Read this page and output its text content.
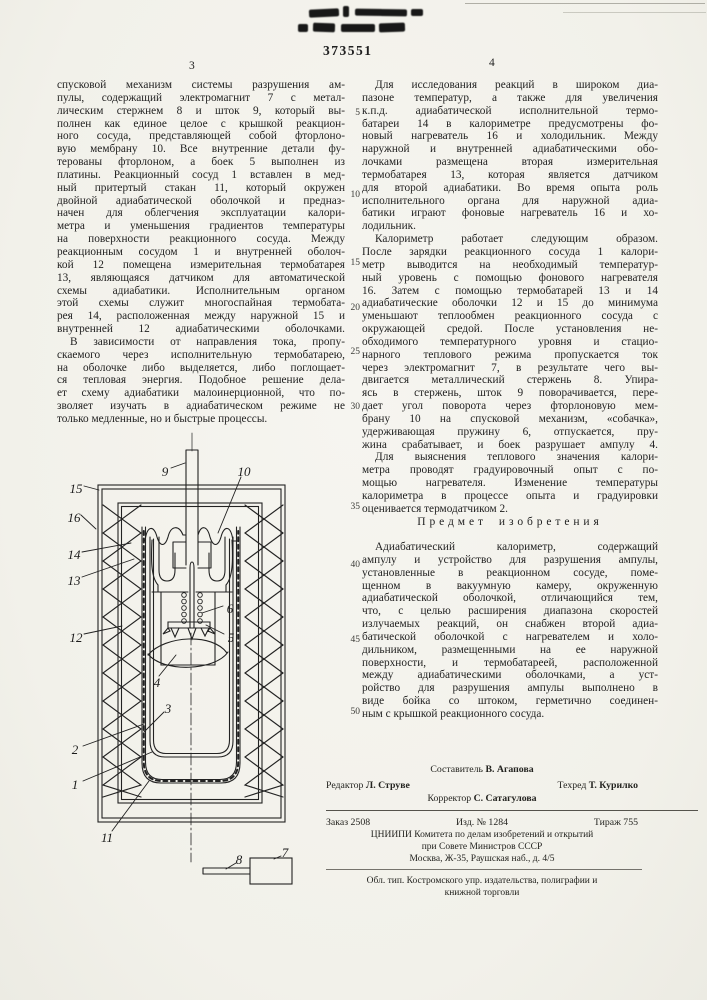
373551
3	4
спусковой механизм системы разрушения ам-
пулы, содержащий электромагнит 7 с метал-
лическим стержнем 8 и шток 9, который вы-
полнен как единое целое с крышкой реакцион-
ного сосуда, представляющей собой фторлоно-
вую мембрану 10. Все внутренние детали фу-
терованы фторлоном, а боек 5 выполнен из
платины. Реакционный сосуд 1 вставлен в мед-
ный притертый стакан 11, который окружен
двойной адиабатической оболочкой и предназ-
начен для облегчения эксплуатации калори-
метра и уменьшения градиентов температуры
на поверхности реакционного сосуда. Между
реакционным сосудом 1 и внутренней оболоч-
кой 12 помещена измерительная термобатарея
13, являющаяся датчиком для автоматической
схемы адиабатики. Исполнительным органом
этой схемы служит многоспайная термобата-
рея 14, расположенная между наружной 15 и
внутренней 12 адиабатическими оболочками.
В зависимости от направления тока, пропу-
скаемого через исполнительную термобатарею,
на оболочке либо выделяется, либо поглощает-
ся тепловая энергия. Подобное решение дела-
ет схему адиабатики малоинерционной, что по-
зволяет изучать в адиабатическом режиме не
только медленные, но и быстрые процессы.
Для исследования реакций в широком диа-
пазоне температур, а также для увеличения
к.п.д. адиабатической исполнительной термо-
батареи 14 в калориметре предусмотрены фо-
новый нагреватель 16 и холодильник. Между
наружной и внутренней адиабатическими обо-
лочками размещена вторая измерительная
термобатарея 13, которая является датчиком
для второй адиабатики. Во время опыта роль
исполнительного органа для наружной адиа-
батики играют фоновые нагреватель 16 и хо-
лодильник.
Калориметр работает следующим образом.
После зарядки реакционного сосуда 1 калори-
метр выводится на необходимый температур-
ный уровень с помощью фонового нагревателя
16. Затем с помощью термобатарей 13 и 14
адиабатические оболочки 12 и 15 до минимума
уменьшают теплообмен реакционного сосуда с
окружающей средой. После установления не-
обходимого температурного уровня и стацио-
нарного теплового режима пропускается ток
через электромагнит 7, в результате чего вы-
двигается металлический стержень 8. Упира-
ясь в стержень, шток 9 поворачивается, пере-
дает угол поворота через фторлоновую мем-
брану 10 на спусковой механизм, «собачка»,
удерживающая пружину 6, отпускается, пру-
жина срабатывает, и боек разрушает ампулу 4.
Для выяснения теплового значения калори-
метра проводят градуировочный опыт с по-
мощью нагревателя. Изменение температуры
калориметра в процессе опыта и градуировки
оценивается термодатчиком 2.
Предмет изобретения
Адиабатический калориметр, содержащий
ампулу и устройство для разрушения ампулы,
установленные в реакционном сосуде, поме-
щенном в вакуумную камеру, окруженную
адиабатической оболочкой, отличающийся тем,
что, с целью расширения диапазона скоростей
излучаемых реакций, он снабжен второй адиа-
батической оболочкой с нагревателем и холо-
дильником, размещенными на ее наружной
поверхности, и термобатареей, расположенной
между адиабатическими оболочками, а уст-
ройство для разрушения ампулы выполнено в
виде бойка со штоком, герметично соединен-
ным с крышкой реакционного сосуда.
9	10
15
16
14
13
12
6
5
4
3
2
1
11
8	7
Составитель В. Агапова
Редактор Л. Струве	Техред Т. Курилко
Корректор С. Сатагулова
Заказ 2508	Изд. № 1284	Тираж 755
ЦНИИПИ Комитета по делам изобретений и открытий
при Совете Министров СССР
Москва, Ж-35, Раушская наб., д. 4/5
Обл. тип. Костромского упр. издательства, полиграфии и
книжной торговли
5
10
15
20
25
30
35
40
45
50
